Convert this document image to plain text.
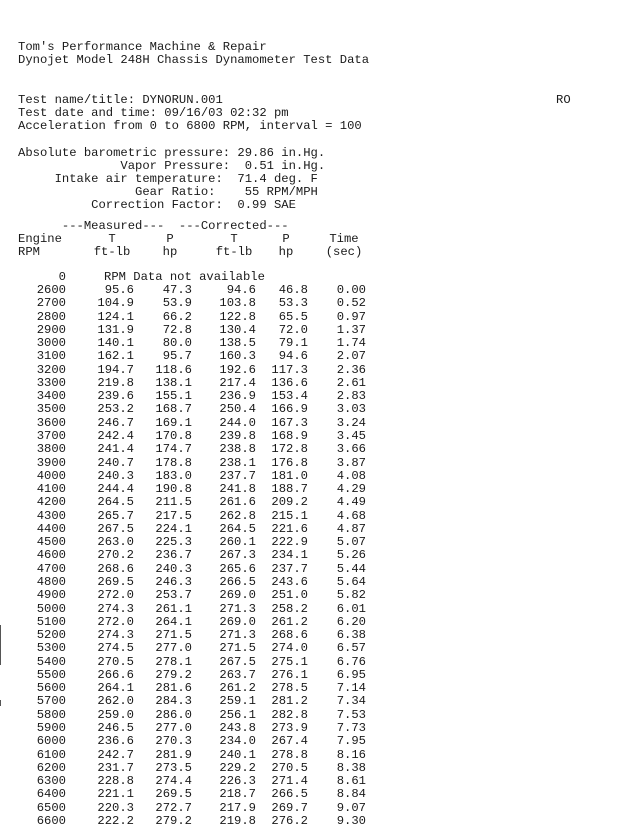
Tom's Performance Machine & Repair
Dynojet Model 248H Chassis Dynamometer Test Data
RO
Test name/title: DYNORUN.001
Test date and time: 09/16/03 02:32 pm
Acceleration from 0 to 6800 RPM, interval = 100
Absolute barometric pressure: 29.86 in.Hg.
Vapor Pressure:  0.51 in.Hg.
Intake air temperature:  71.4 deg. F
Gear Ratio:    55 RPM/MPH
Correction Factor:  0.99 SAE
---Measured---  ---Corrected---
Engine	T	P	T	P	Time
RPM	ft-lb	hp	ft-lb	hp	(sec)
0	RPM Data not available
2600	95.6	47.3	94.6	46.8	0.00
2700	104.9	53.9	103.8	53.3	0.52
2800	124.1	66.2	122.8	65.5	0.97
2900	131.9	72.8	130.4	72.0	1.37
3000	140.1	80.0	138.5	79.1	1.74
3100	162.1	95.7	160.3	94.6	2.07
3200	194.7	118.6	192.6	117.3	2.36
3300	219.8	138.1	217.4	136.6	2.61
3400	239.6	155.1	236.9	153.4	2.83
3500	253.2	168.7	250.4	166.9	3.03
3600	246.7	169.1	244.0	167.3	3.24
3700	242.4	170.8	239.8	168.9	3.45
3800	241.4	174.7	238.8	172.8	3.66
3900	240.7	178.8	238.1	176.8	3.87
4000	240.3	183.0	237.7	181.0	4.08
4100	244.4	190.8	241.8	188.7	4.29
4200	264.5	211.5	261.6	209.2	4.49
4300	265.7	217.5	262.8	215.1	4.68
4400	267.5	224.1	264.5	221.6	4.87
4500	263.0	225.3	260.1	222.9	5.07
4600	270.2	236.7	267.3	234.1	5.26
4700	268.6	240.3	265.6	237.7	5.44
4800	269.5	246.3	266.5	243.6	5.64
4900	272.0	253.7	269.0	251.0	5.82
5000	274.3	261.1	271.3	258.2	6.01
5100	272.0	264.1	269.0	261.2	6.20
5200	274.3	271.5	271.3	268.6	6.38
5300	274.5	277.0	271.5	274.0	6.57
5400	270.5	278.1	267.5	275.1	6.76
5500	266.6	279.2	263.7	276.1	6.95
5600	264.1	281.6	261.2	278.5	7.14
5700	262.0	284.3	259.1	281.2	7.34
5800	259.0	286.0	256.1	282.8	7.53
5900	246.5	277.0	243.8	273.9	7.73
6000	236.6	270.3	234.0	267.4	7.95
6100	242.7	281.9	240.1	278.8	8.16
6200	231.7	273.5	229.2	270.5	8.38
6300	228.8	274.4	226.3	271.4	8.61
6400	221.1	269.5	218.7	266.5	8.84
6500	220.3	272.7	217.9	269.7	9.07
6600	222.2	279.2	219.8	276.2	9.30
